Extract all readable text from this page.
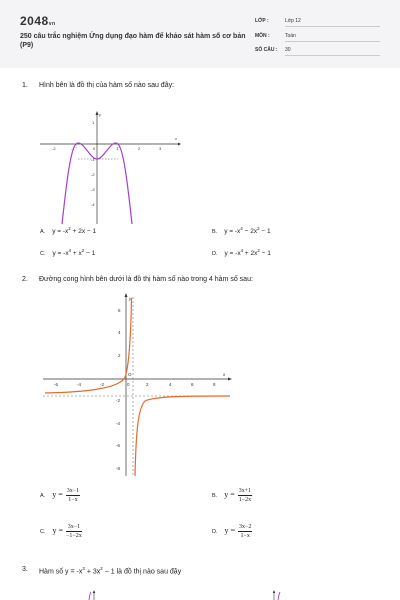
2048vn
250 câu trắc nghiệm Ứng dụng đạo hàm để khảo sát hàm số cơ bản (P9)
LỚP :	Lớp 12
MÔN :	Toán
SỐ CÂU :	30
1. Hình bên là đồ thị của hàm số nào sau đây:
-2	-1	0	1	2	3
x
1
-1
-2
-3
-4
y
A. $y = -x^2 + 2x - 1$	B. $y = -x^4 - 2x^2 - 1$
C. $y = -x^4 + x^2 - 1$	D. $y = -x^4 + 2x^2 - 1$
2. Đường cong hình bên dưới là đồ thị hàm số nào trong 4 hàm số sau:
-6	-4	-2	0	2	4	6	8
x
O
6
4
2
-2
-4
-6
-8
y
A. $y = \frac{3x-1}{1-x}$	B. $y = \frac{3x+1}{1-2x}$
C. $y = \frac{3x-1}{-1-2x}$	D. $y = \frac{3x-2}{1-x}$
3. Hàm số $y = -x^3 + 3x^2 - 1$ là đồ thị nào sau đây
